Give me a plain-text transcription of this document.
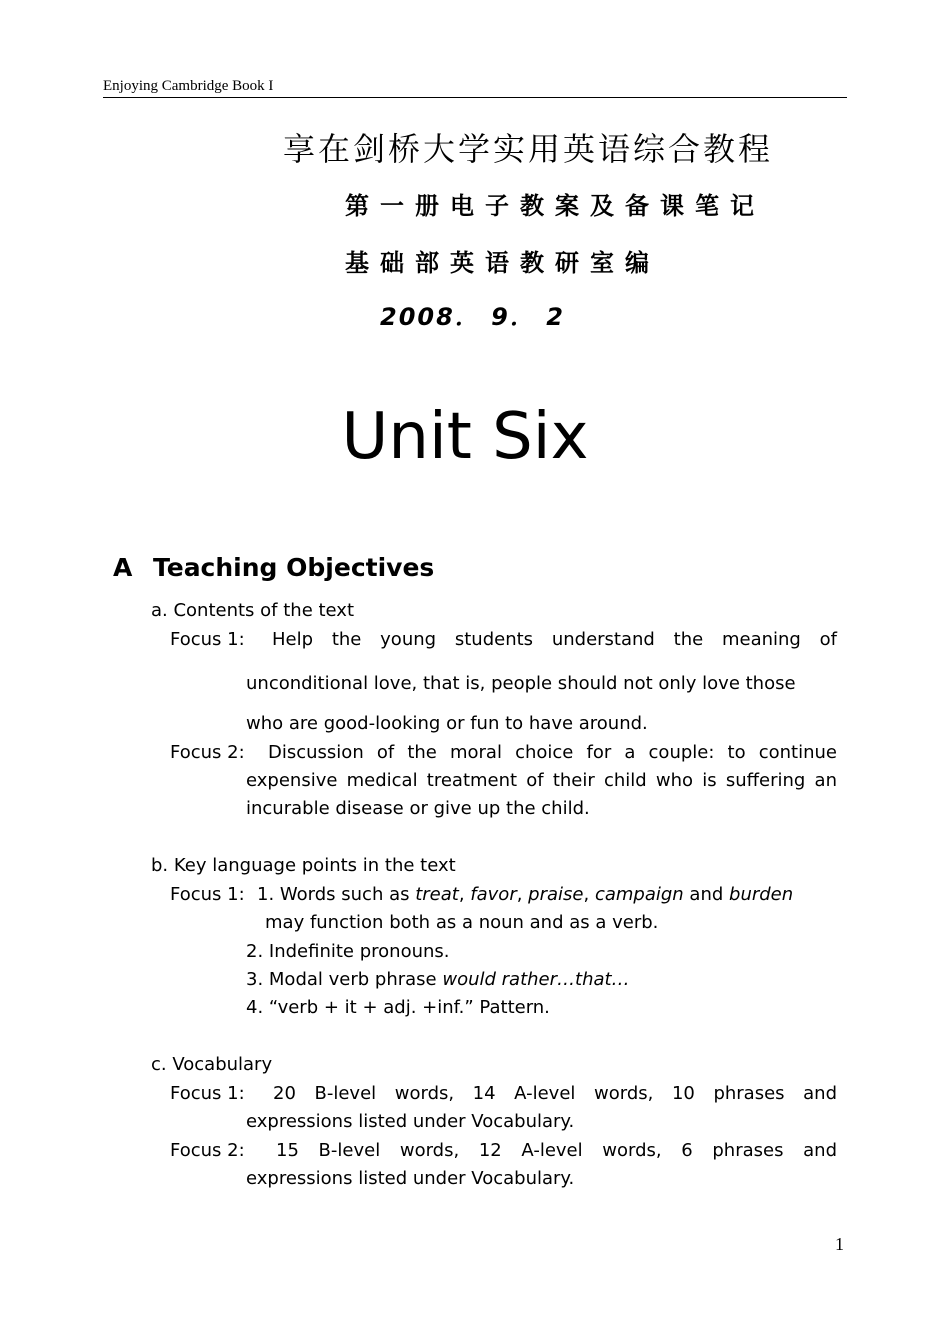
Enjoying Cambridge Book I
享在剑桥大学实用英语综合教程
第一册电子教案及备课笔记
基础部英语教研室编
2008． 9． 2
Unit Six
A Teaching Objectives
a. Contents of the text
Focus 1: Help the young students understand the meaning of
unconditional love, that is, people should not only love those
who are good-looking or fun to have around.
Focus 2: Discussion of the moral choice for a couple: to continue
expensive medical treatment of their child who is suffering an
incurable disease or give up the child.
b. Key language points in the text
Focus 1: 1. Words such as treat, favor, praise, campaign and burden
may function both as a noun and as a verb.
2. Indefinite pronouns.
3. Modal verb phrase would rather…that…
4. “verb + it + adj. +inf.” Pattern.
c. Vocabulary
Focus 1: 20 B-level words, 14 A-level words, 10 phrases and
expressions listed under Vocabulary.
Focus 2: 15 B-level words, 12 A-level words, 6 phrases and
expressions listed under Vocabulary.
1
